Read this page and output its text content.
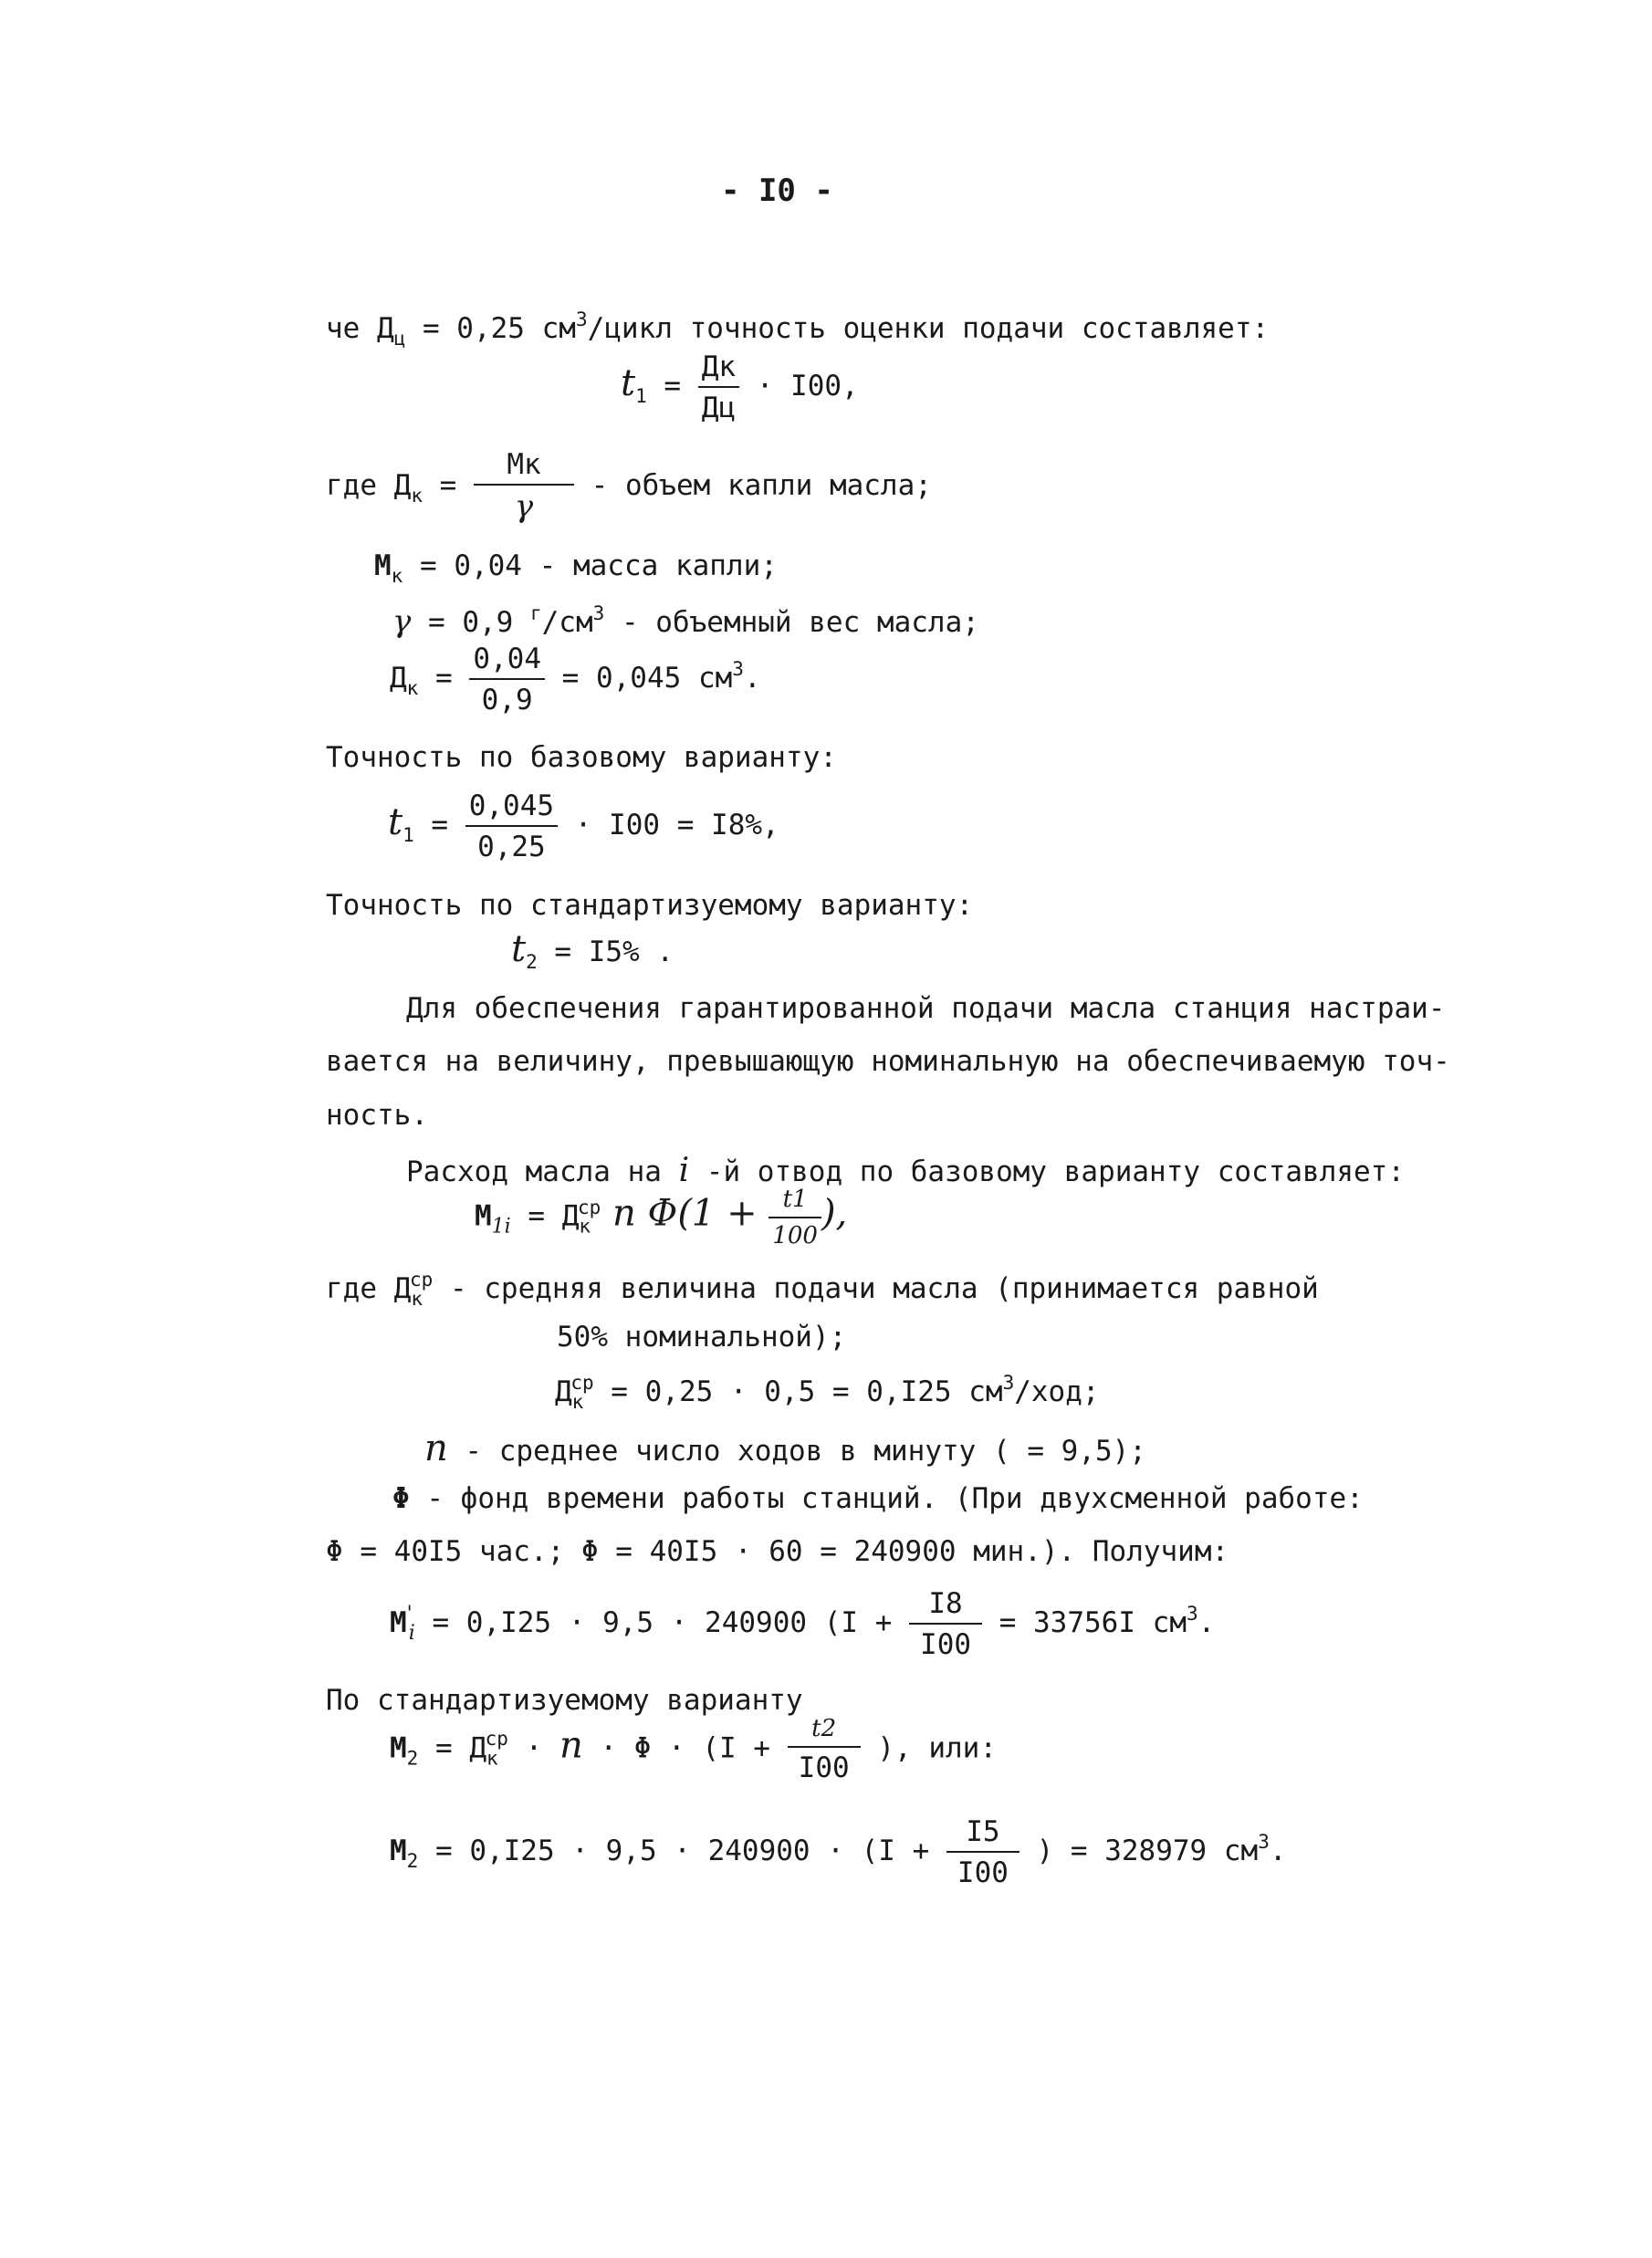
- I0 -
че $Д_ц = 0,25$ $см^3$/цикл точность оценки подачи составляет:
$t_1 = \frac{Дк}{Дц} \cdot I00$,
где $Д_к = \frac{Мк}{\gamma}$ - объем капли масла;
$М_к = 0,04$ - масса капли;
γ = 0,9 $^г/см^3$ - объемный вес масла;
$Д_к = \frac{0,04}{0,9} = 0,045$ $см^3$.
Точность по базовому варианту:
$t_1 = \frac{0,045}{0,25} \cdot I00 = I8\%$,
Точность по стандартизуемому варианту:
$t_2 = I5\%$ .
Для обеспечения гарантированной подачи масла станция настраи-
вается на величину, превышающую номинальную на обеспечиваемую точ-
ность.
Расход масла на i -й отвод по базовому варианту составляет:
$М_{1i} = Д_к^{ср}$ n $\Phi(1 + \frac{t1}{100}$ ),
где $Д_к^{ср}$ - средняя величина подачи масла (принимается равной
50% номинальной);
$Д_к^{ср} = 0,25 \cdot 0,5 = 0,I25$ $см^3$/ход;
n - среднее число ходов в минуту ( = 9,5);
Φ - фонд времени работы станций. (При двухсменной работе:
Φ = 40I5 час.; Φ = 40I5 · 60 = 240900 мин.). Получим:
$М'_i = 0,I25 \cdot 9,5 \cdot 240900$ ($I + \frac{I8}{I00} = 33756I$ $см^3$.
По стандартизуемому варианту
$М_2 = Д_к^{ср} \cdot n \cdot \Phi \cdot (I + \frac{t2}{I00}$ ), или:
$М_2 = 0,I25 \cdot 9,5 \cdot 240900 \cdot (I + \frac{I5}{I00}$ ) = 328979 $см^3$.
